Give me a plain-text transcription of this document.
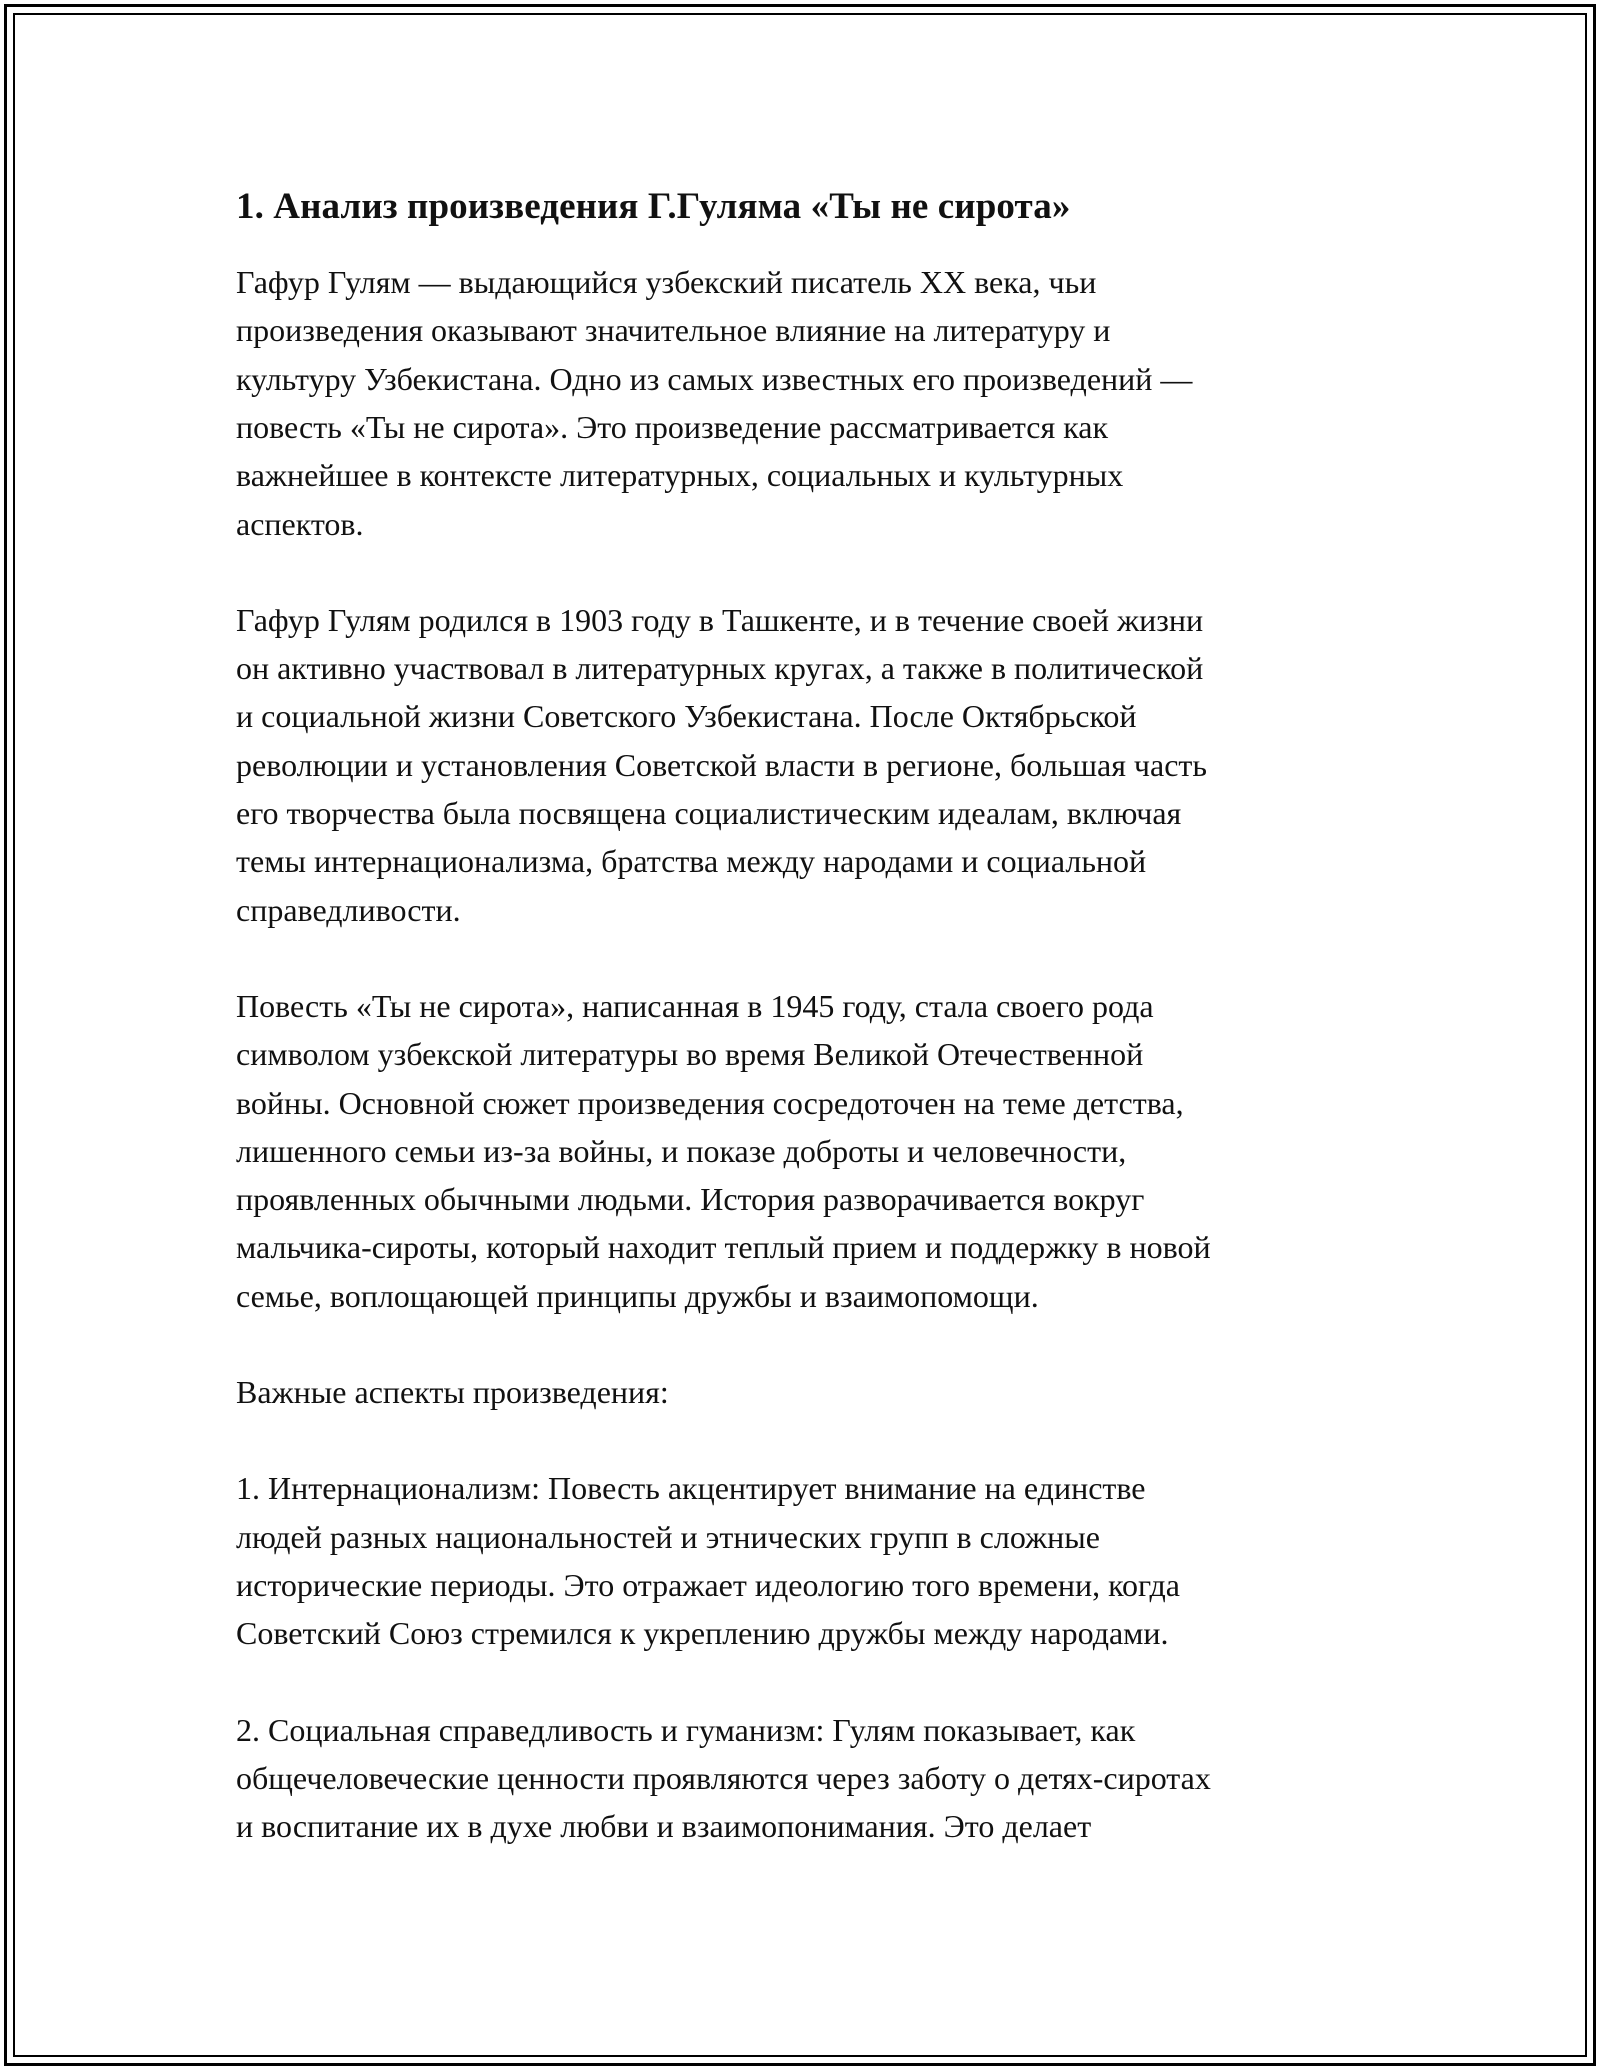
1. Анализ произведения Г.Гуляма «Ты не сирота»

Гафур Гулям — выдающийся узбекский писатель XX века, чьи
произведения оказывают значительное влияние на литературу и
культуру Узбекистана. Одно из самых известных его произведений —
повесть «Ты не сирота». Это произведение рассматривается как
важнейшее в контексте литературных, социальных и культурных
аспектов.

Гафур Гулям родился в 1903 году в Ташкенте, и в течение своей жизни
он активно участвовал в литературных кругах, а также в политической
и социальной жизни Советского Узбекистана. После Октябрьской
революции и установления Советской власти в регионе, большая часть
его творчества была посвящена социалистическим идеалам, включая
темы интернационализма, братства между народами и социальной
справедливости.

Повесть «Ты не сирота», написанная в 1945 году, стала своего рода
символом узбекской литературы во время Великой Отечественной
войны. Основной сюжет произведения сосредоточен на теме детства,
лишенного семьи из-за войны, и показе доброты и человечности,
проявленных обычными людьми. История разворачивается вокруг
мальчика-сироты, который находит теплый прием и поддержку в новой
семье, воплощающей принципы дружбы и взаимопомощи.

Важные аспекты произведения:

1. Интернационализм: Повесть акцентирует внимание на единстве
людей разных национальностей и этнических групп в сложные
исторические периоды. Это отражает идеологию того времени, когда
Советский Союз стремился к укреплению дружбы между народами.

2. Социальная справедливость и гуманизм: Гулям показывает, как
общечеловеческие ценности проявляются через заботу о детях-сиротах
и воспитание их в духе любви и взаимопонимания. Это делает
